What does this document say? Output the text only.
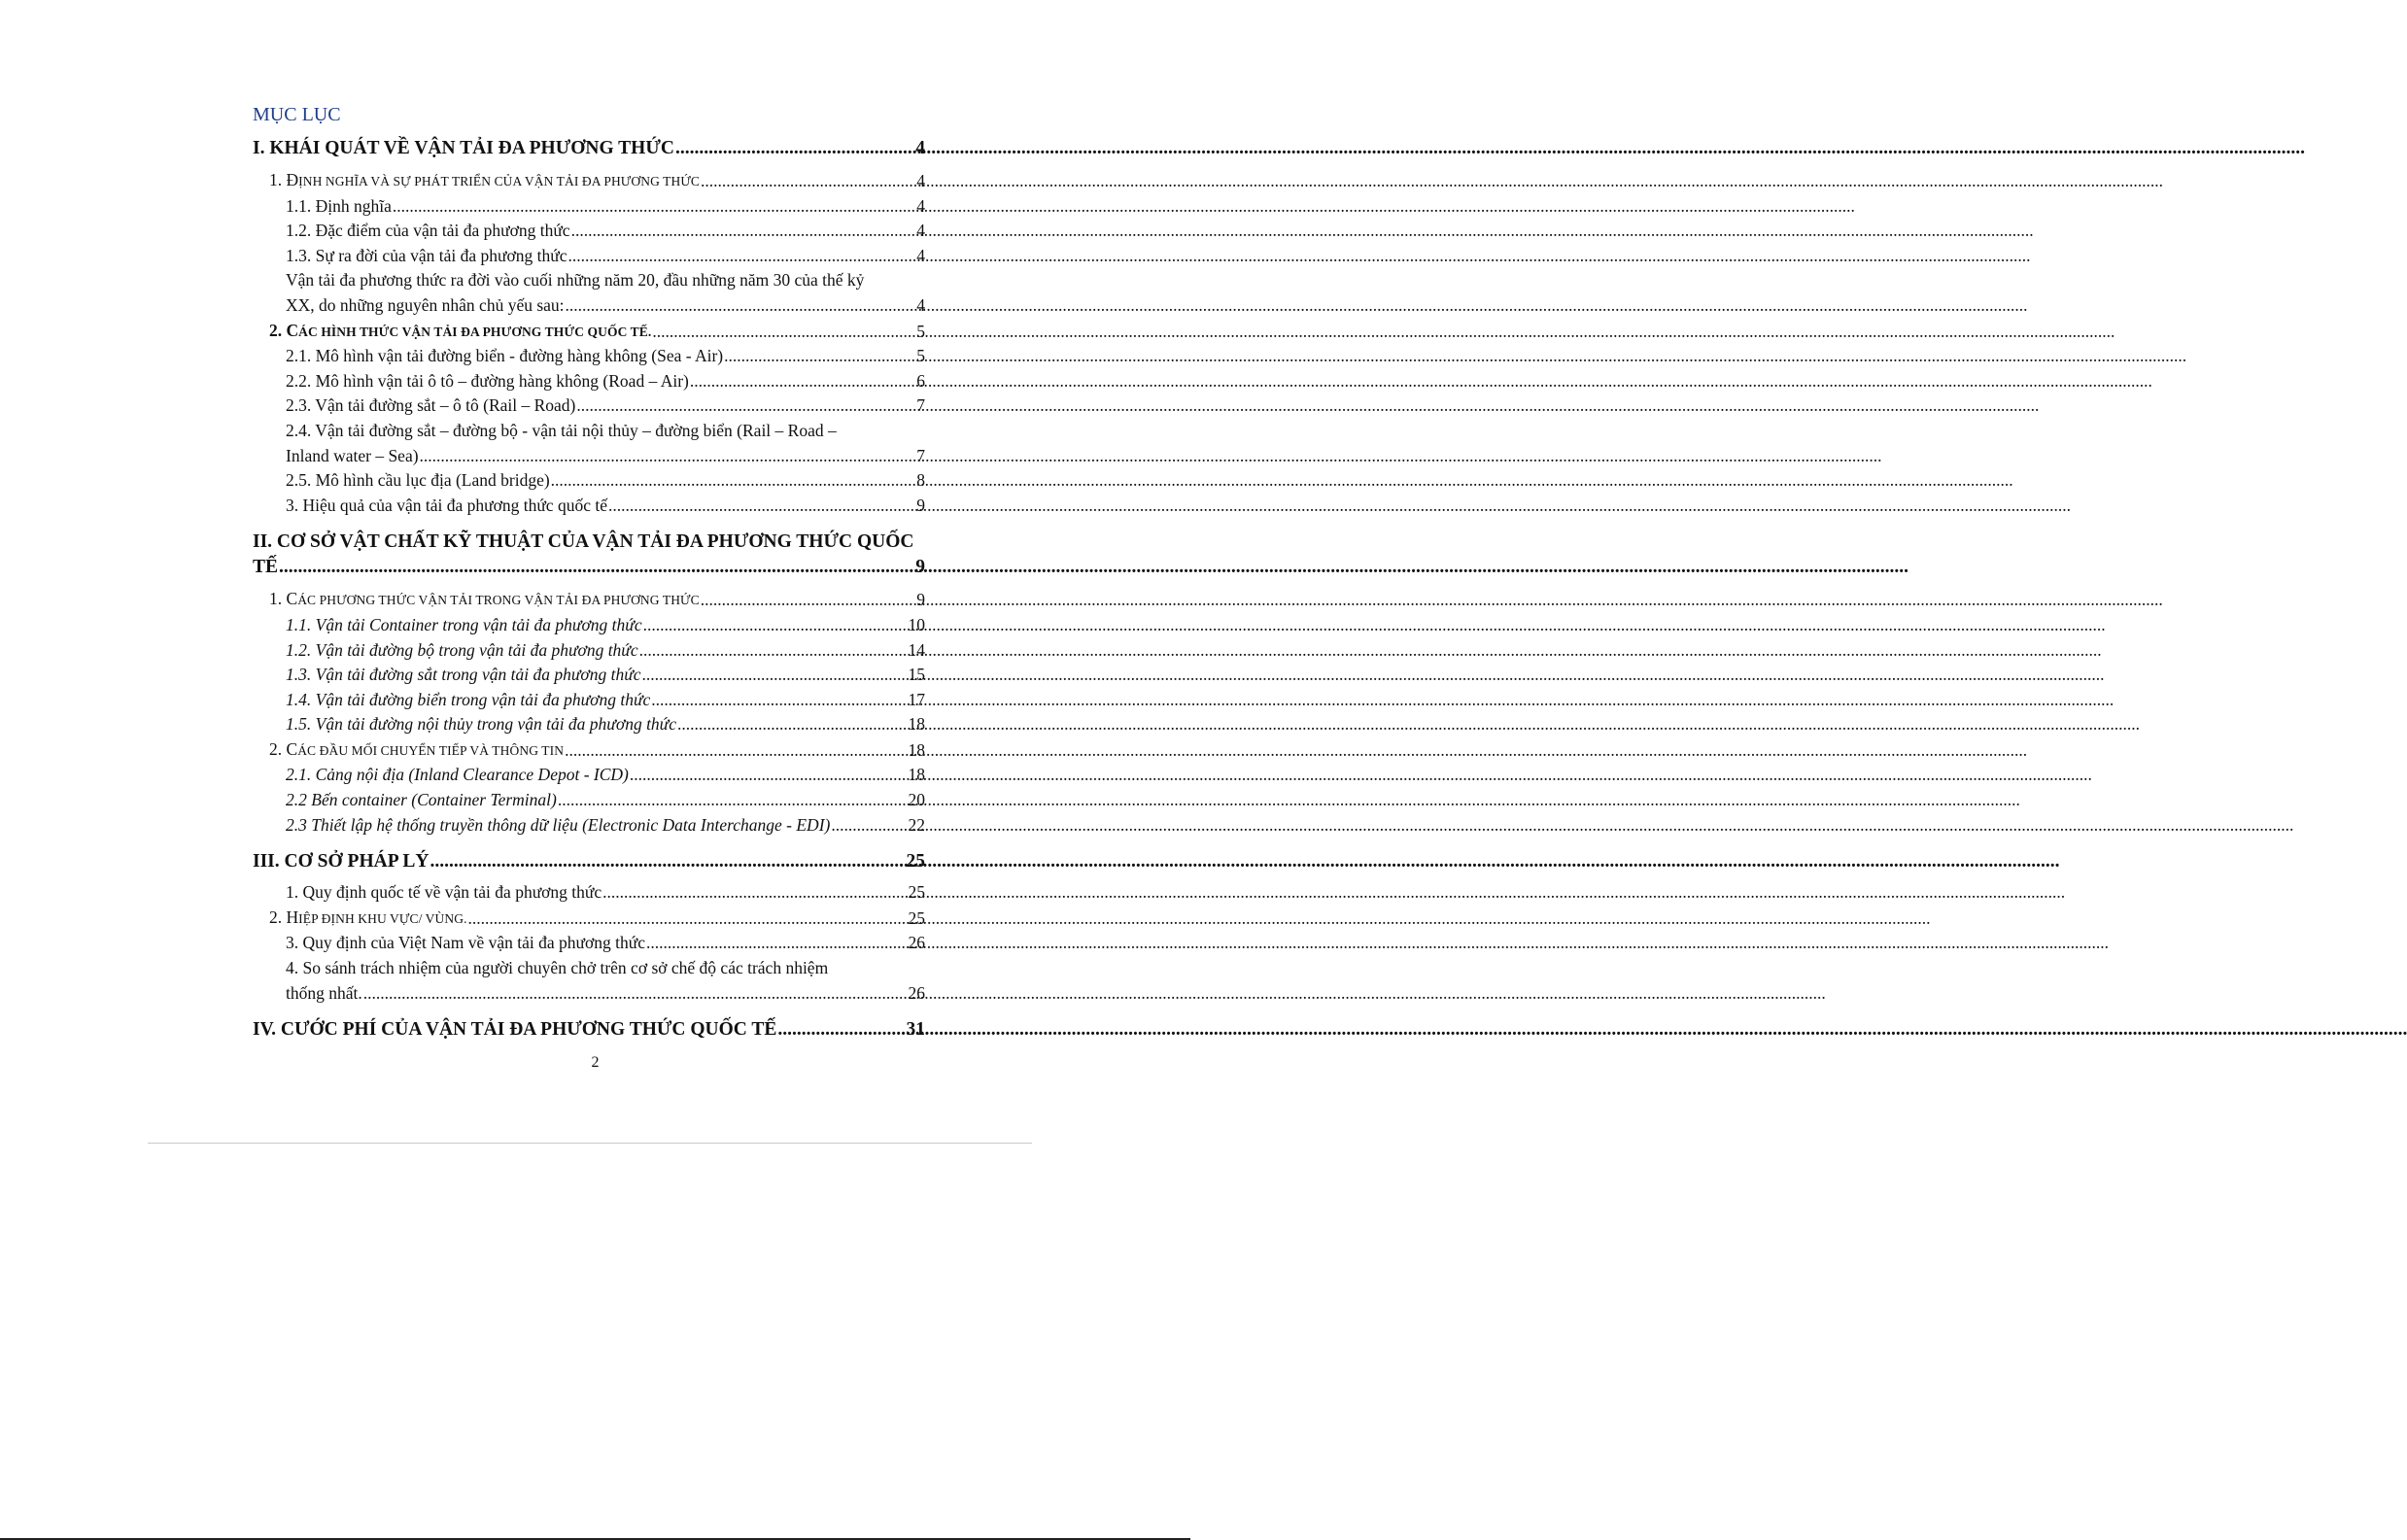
MỤC LỤC
I. KHÁI QUÁT VỀ VẬN TẢI ĐA PHƯƠNG THỨC .....	4
1. ĐỊNH NGHĨA VÀ SỰ PHÁT TRIỂN CỦA VẬN TẢI ĐA PHƯƠNG THỨC .....	4
1.1. Định nghĩa .....	4
1.2. Đặc điểm của vận tải đa phương thức .....	4
1.3. Sự ra đời của vận tải đa phương thức .....	4
Vận tải đa phương thức ra đời vào cuối những năm 20, đầu những năm 30 của thế kỷ
XX, do những nguyên nhân chủ yếu sau: .....	4
2. CÁC HÌNH THỨC VẬN TẢI ĐA PHƯƠNG THỨC QUỐC TẾ. .....	5
2.1. Mô hình vận tải đường biển - đường hàng không (Sea - Air) .....	5
2.2. Mô hình vận tải ô tô – đường hàng không (Road – Air) .....	6
2.3. Vận tải đường sắt – ô tô (Rail – Road) .....	7
2.4. Vận tải đường sắt – đường bộ - vận tải nội thủy – đường biển (Rail – Road –
Inland water – Sea) .....	7
2.5. Mô hình cầu lục địa (Land bridge) .....	8
3. Hiệu quả của vận tải đa phương thức quốc tế .....	9
II. CƠ SỞ VẬT CHẤT KỸ THUẬT CỦA VẬN TẢI ĐA PHƯƠNG THỨC QUỐC
TẾ .....	9
1. CÁC PHƯƠNG THỨC VẬN TẢI TRONG VẬN TẢI ĐA PHƯƠNG THỨC .....	9
1.1. Vận tải Container trong vận tải đa phương thức .....	10
1.2. Vận tải đường bộ trong vận tải đa phương thức .....	14
1.3. Vận tải đường sắt trong vận tải đa phương thức .....	15
1.4. Vận tải đường biển trong vận tải đa phương thức .....	17
1.5. Vận tải đường nội thủy trong vận tải đa phương thức .....	18
2. CÁC ĐẦU MỐI CHUYỂN TIẾP VÀ THÔNG TIN .....	18
2.1. Cảng nội địa (Inland Clearance Depot - ICD) .....	18
2.2 Bến container (Container Terminal) .....	20
2.3 Thiết lập hệ thống truyền thông dữ liệu (Electronic Data Interchange - EDI) .....	22
III. CƠ SỞ PHÁP LÝ .....	25
1. Quy định quốc tế về vận tải đa phương thức .....	25
2. HIỆP ĐỊNH KHU VỰC/ VÙNG. .....	25
3. Quy định của Việt Nam về vận tải đa phương thức .....	26
4. So sánh trách nhiệm của người chuyên chở trên cơ sở chế độ các trách nhiệm
thống nhất. .....	26
IV. CƯỚC PHÍ CỦA VẬN TẢI ĐA PHƯƠNG THỨC QUỐC TẾ .....	31
2
